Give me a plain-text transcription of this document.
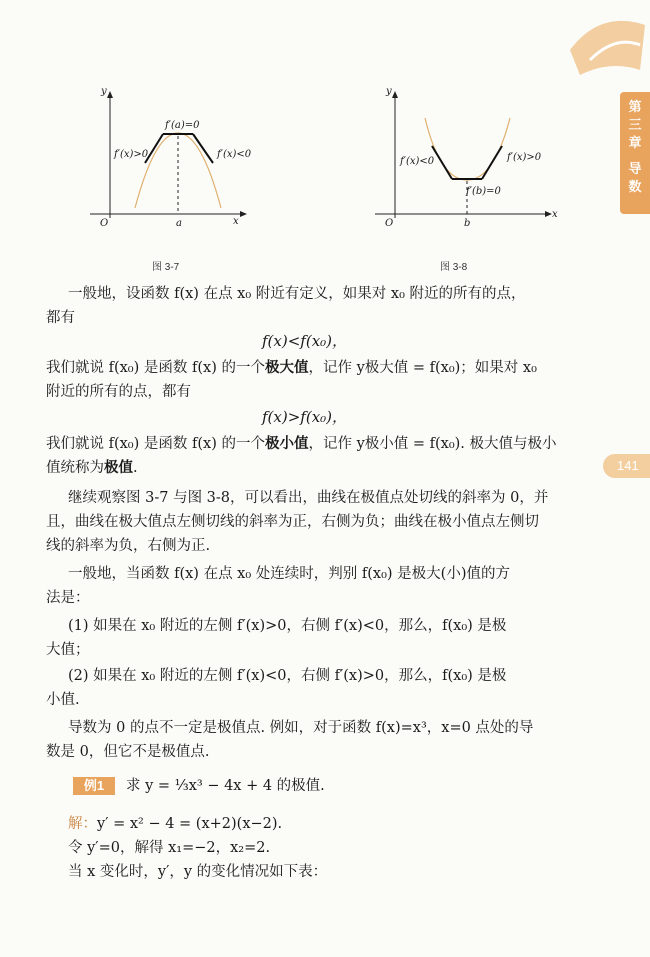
第
三
章
导
数
141
y
x
O	a
f′(a)=0
f′(x)>0	f′(x)<0
图 3-7
y
x
O	b
f′(b)=0
f′(x)<0	f′(x)>0
图 3-8
一般地，设函数 f(x) 在点 x₀ 附近有定义，如果对 x₀ 附近的所有的点，
都有
f(x)<f(x₀)，
我们就说 f(x₀) 是函数 f(x) 的一个极大值，记作 y极大值 = f(x₀)；如果对 x₀
附近的所有的点，都有
f(x)>f(x₀)，
我们就说 f(x₀) 是函数 f(x) 的一个极小值，记作 y极小值 = f(x₀). 极大值与极小
值统称为极值.
继续观察图 3-7 与图 3-8，可以看出，曲线在极值点处切线的斜率为 0，并
且，曲线在极大值点左侧切线的斜率为正，右侧为负；曲线在极小值点左侧切
线的斜率为负，右侧为正.
一般地，当函数 f(x) 在点 x₀ 处连续时，判别 f(x₀) 是极大(小)值的方
法是：
(1) 如果在 x₀ 附近的左侧 f′(x)>0，右侧 f′(x)<0，那么，f(x₀) 是极
大值；
(2) 如果在 x₀ 附近的左侧 f′(x)<0，右侧 f′(x)>0，那么，f(x₀) 是极
小值.
导数为 0 的点不一定是极值点. 例如，对于函数 f(x)=x³，x=0 点处的导
数是 0，但它不是极值点.
例1	求 y = ⅓x³ − 4x + 4 的极值.
解：y′ = x² − 4 = (x+2)(x−2).
令 y′=0，解得 x₁=−2，x₂=2.
当 x 变化时，y′，y 的变化情况如下表：
